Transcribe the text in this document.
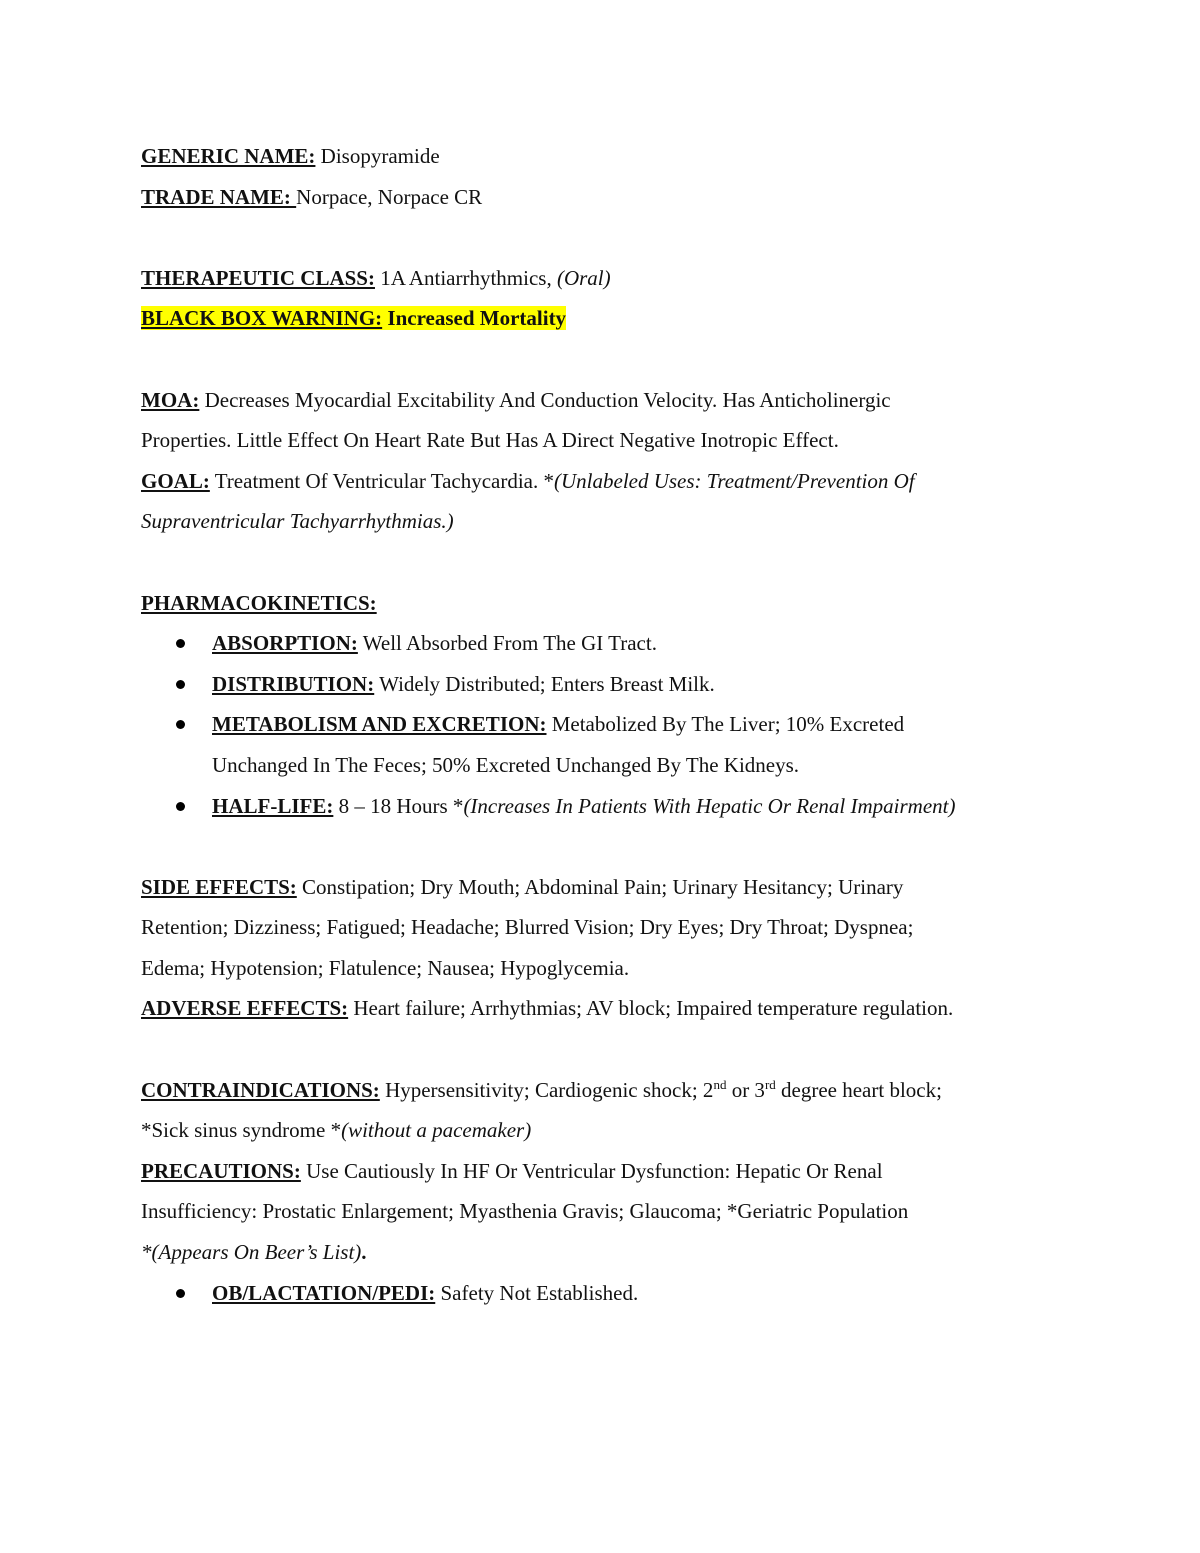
GENERIC NAME: Disopyramide
TRADE NAME: Norpace, Norpace CR
THERAPEUTIC CLASS: 1A Antiarrhythmics, (Oral)
BLACK BOX WARNING: Increased Mortality
MOA: Decreases Myocardial Excitability And Conduction Velocity. Has Anticholinergic
Properties. Little Effect On Heart Rate But Has A Direct Negative Inotropic Effect.
GOAL: Treatment Of Ventricular Tachycardia. *(Unlabeled Uses: Treatment/Prevention Of
Supraventricular Tachyarrhythmias.)
PHARMACOKINETICS:
ABSORPTION: Well Absorbed From The GI Tract.
DISTRIBUTION: Widely Distributed; Enters Breast Milk.
METABOLISM AND EXCRETION: Metabolized By The Liver; 10% Excreted
Unchanged In The Feces; 50% Excreted Unchanged By The Kidneys.
HALF-LIFE: 8 – 18 Hours *(Increases In Patients With Hepatic Or Renal Impairment)
SIDE EFFECTS: Constipation; Dry Mouth; Abdominal Pain; Urinary Hesitancy; Urinary
Retention; Dizziness; Fatigued; Headache; Blurred Vision; Dry Eyes; Dry Throat; Dyspnea;
Edema; Hypotension; Flatulence; Nausea; Hypoglycemia.
ADVERSE EFFECTS: Heart failure; Arrhythmias; AV block; Impaired temperature regulation.
CONTRAINDICATIONS: Hypersensitivity; Cardiogenic shock; 2nd or 3rd degree heart block;
*Sick sinus syndrome *(without a pacemaker)
PRECAUTIONS: Use Cautiously In HF Or Ventricular Dysfunction: Hepatic Or Renal
Insufficiency: Prostatic Enlargement; Myasthenia Gravis; Glaucoma; *Geriatric Population
*(Appears On Beer’s List).
OB/LACTATION/PEDI: Safety Not Established.
